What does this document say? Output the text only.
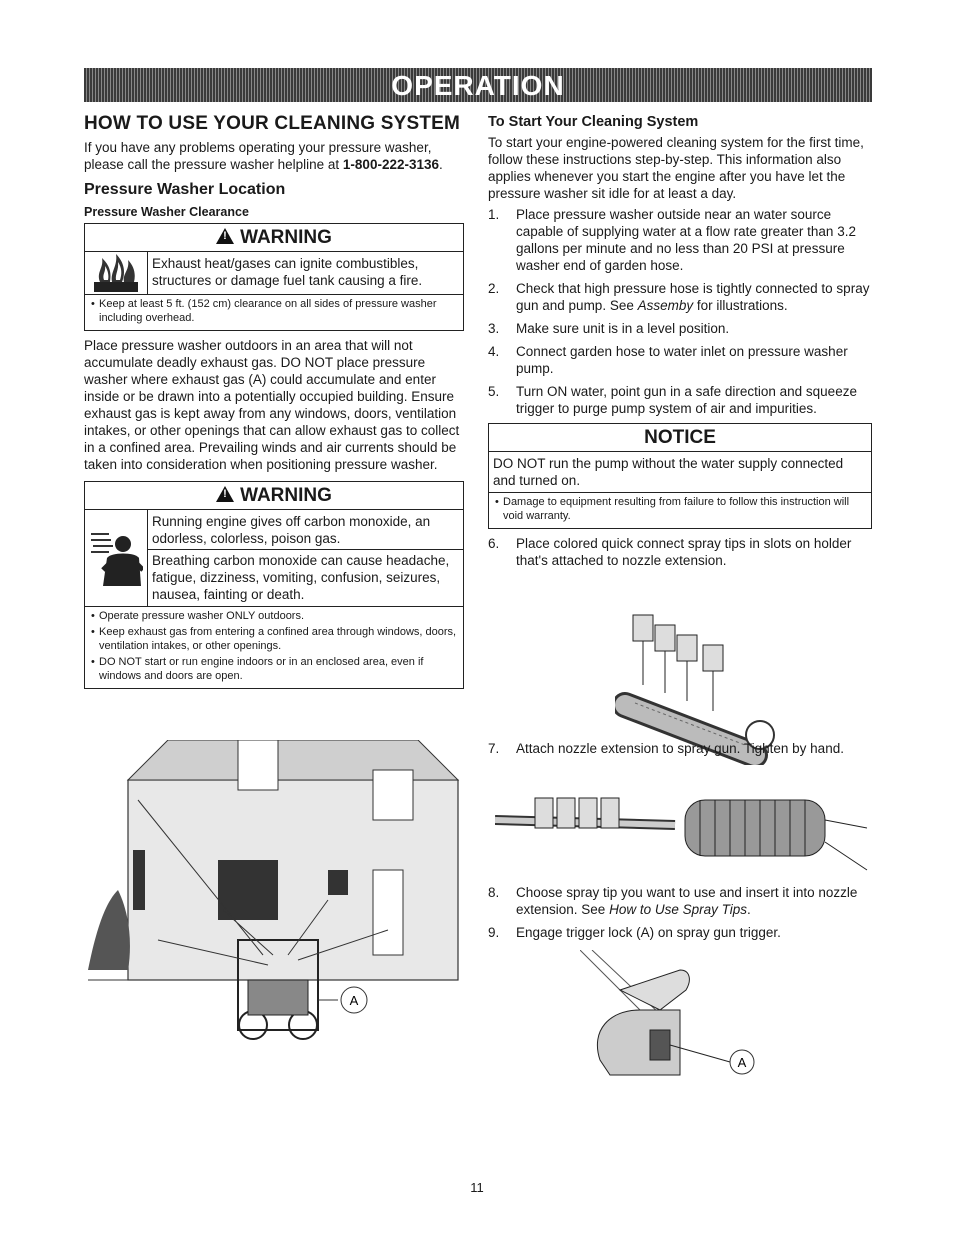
OPERATION
HOW TO USE YOUR CLEANING SYSTEM

If you have any problems operating your pressure washer, please call the pressure washer helpline at 1-800-222-3136.

Pressure Washer Location
Pressure Washer Clearance
!WARNING
Exhaust heat/gases can ignite combustibles, structures or damage fuel tank causing a fire.
• Keep at least 5 ft. (152 cm) clearance on all sides of pressure washer including overhead.

Place pressure washer outdoors in an area that will not accumulate deadly exhaust gas. DO NOT place pressure washer where exhaust gas (A) could accumulate and enter inside or be drawn into a potentially occupied building. Ensure exhaust gas is kept away from any windows, doors, ventilation intakes, or other openings that can allow exhaust gas to collect in a confined area. Prevailing winds and air currents should be taken into consideration when positioning pressure washer.

!WARNING
Running engine gives off carbon monoxide, an odorless, colorless, poison gas.
Breathing carbon monoxide can cause headache, fatigue, dizziness, vomiting, confusion, seizures, nausea, fainting or death.
• Operate pressure washer ONLY outdoors.
• Keep exhaust gas from entering a confined area through windows, doors, ventilation intakes, or other openings.
• DO NOT start or run engine indoors or in an enclosed area, even if windows and doors are open.
A
To Start Your Cleaning System

To start your engine-powered cleaning system for the first time, follow these instructions step-by-step. This information also applies whenever you start the engine after you have let the pressure washer sit idle for at least a day.

1.	Place pressure washer outside near an water source capable of supplying water at a flow rate greater than 3.2 gallons per minute and no less than 20 PSI at pressure washer end of garden hose.
2.	Check that high pressure hose is tightly connected to spray gun and pump. See Assemby for illustrations.
3.	Make sure unit is in a level position.
4.	Connect garden hose to water inlet on pressure washer pump.
5.	Turn ON water, point gun in a safe direction and squeeze trigger to purge pump system of air and impurities.
NOTICE
DO NOT run the pump without the water supply connected and turned on.
• Damage to equipment resulting from failure to follow this instruction will void warranty.
6.	Place colored quick connect spray tips in slots on holder that's attached to nozzle extension.
7.	Attach nozzle extension to spray gun. Tighten by hand.
8.	Choose spray tip you want to use and insert it into nozzle extension. See How to Use Spray Tips.
9.	Engage trigger lock (A) on spray gun trigger.
A
11
